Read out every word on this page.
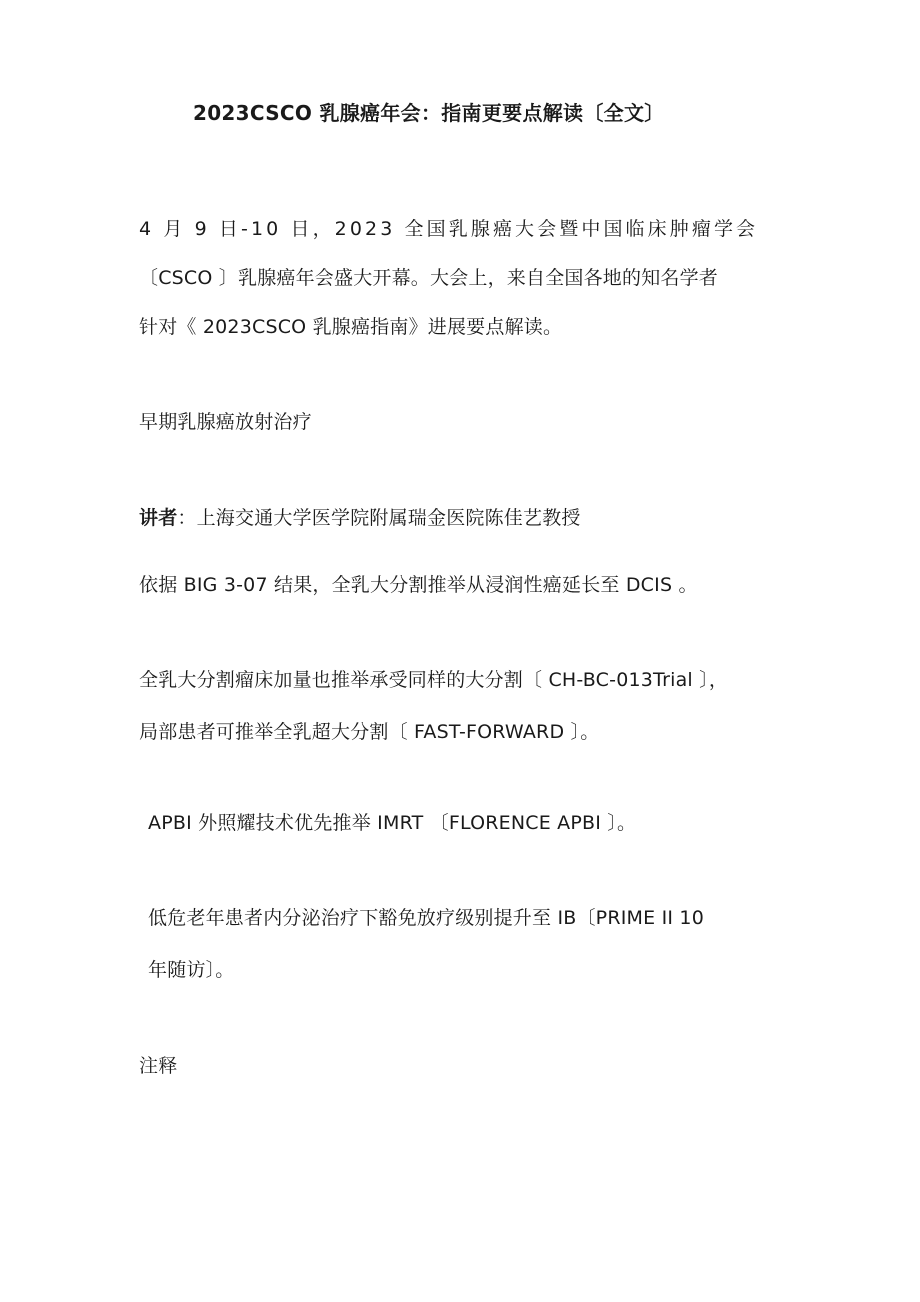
2023CSCO 乳腺癌年会：指南更要点解读〔全文〕
4 月 9 日-10 日，2023 全国乳腺癌大会暨中国临床肿瘤学会
〔CSCO 〕乳腺癌年会盛大开幕。大会上，来自全国各地的知名学者
针对《 2023CSCO 乳腺癌指南》进展要点解读。
早期乳腺癌放射治疗
讲者：上海交通大学医学院附属瑞金医院陈佳艺教授
依据 BIG 3-07 结果，全乳大分割推举从浸润性癌延长至 DCIS 。
全乳大分割瘤床加量也推举承受同样的大分割〔 CH-BC-013Trial 〕，
局部患者可推举全乳超大分割〔 FAST-FORWARD 〕。
APBI 外照耀技术优先推举 IMRT 〔FLORENCE APBI 〕。
低危老年患者内分泌治疗下豁免放疗级别提升至 IB〔PRIME II 10
年随访〕。
注释
